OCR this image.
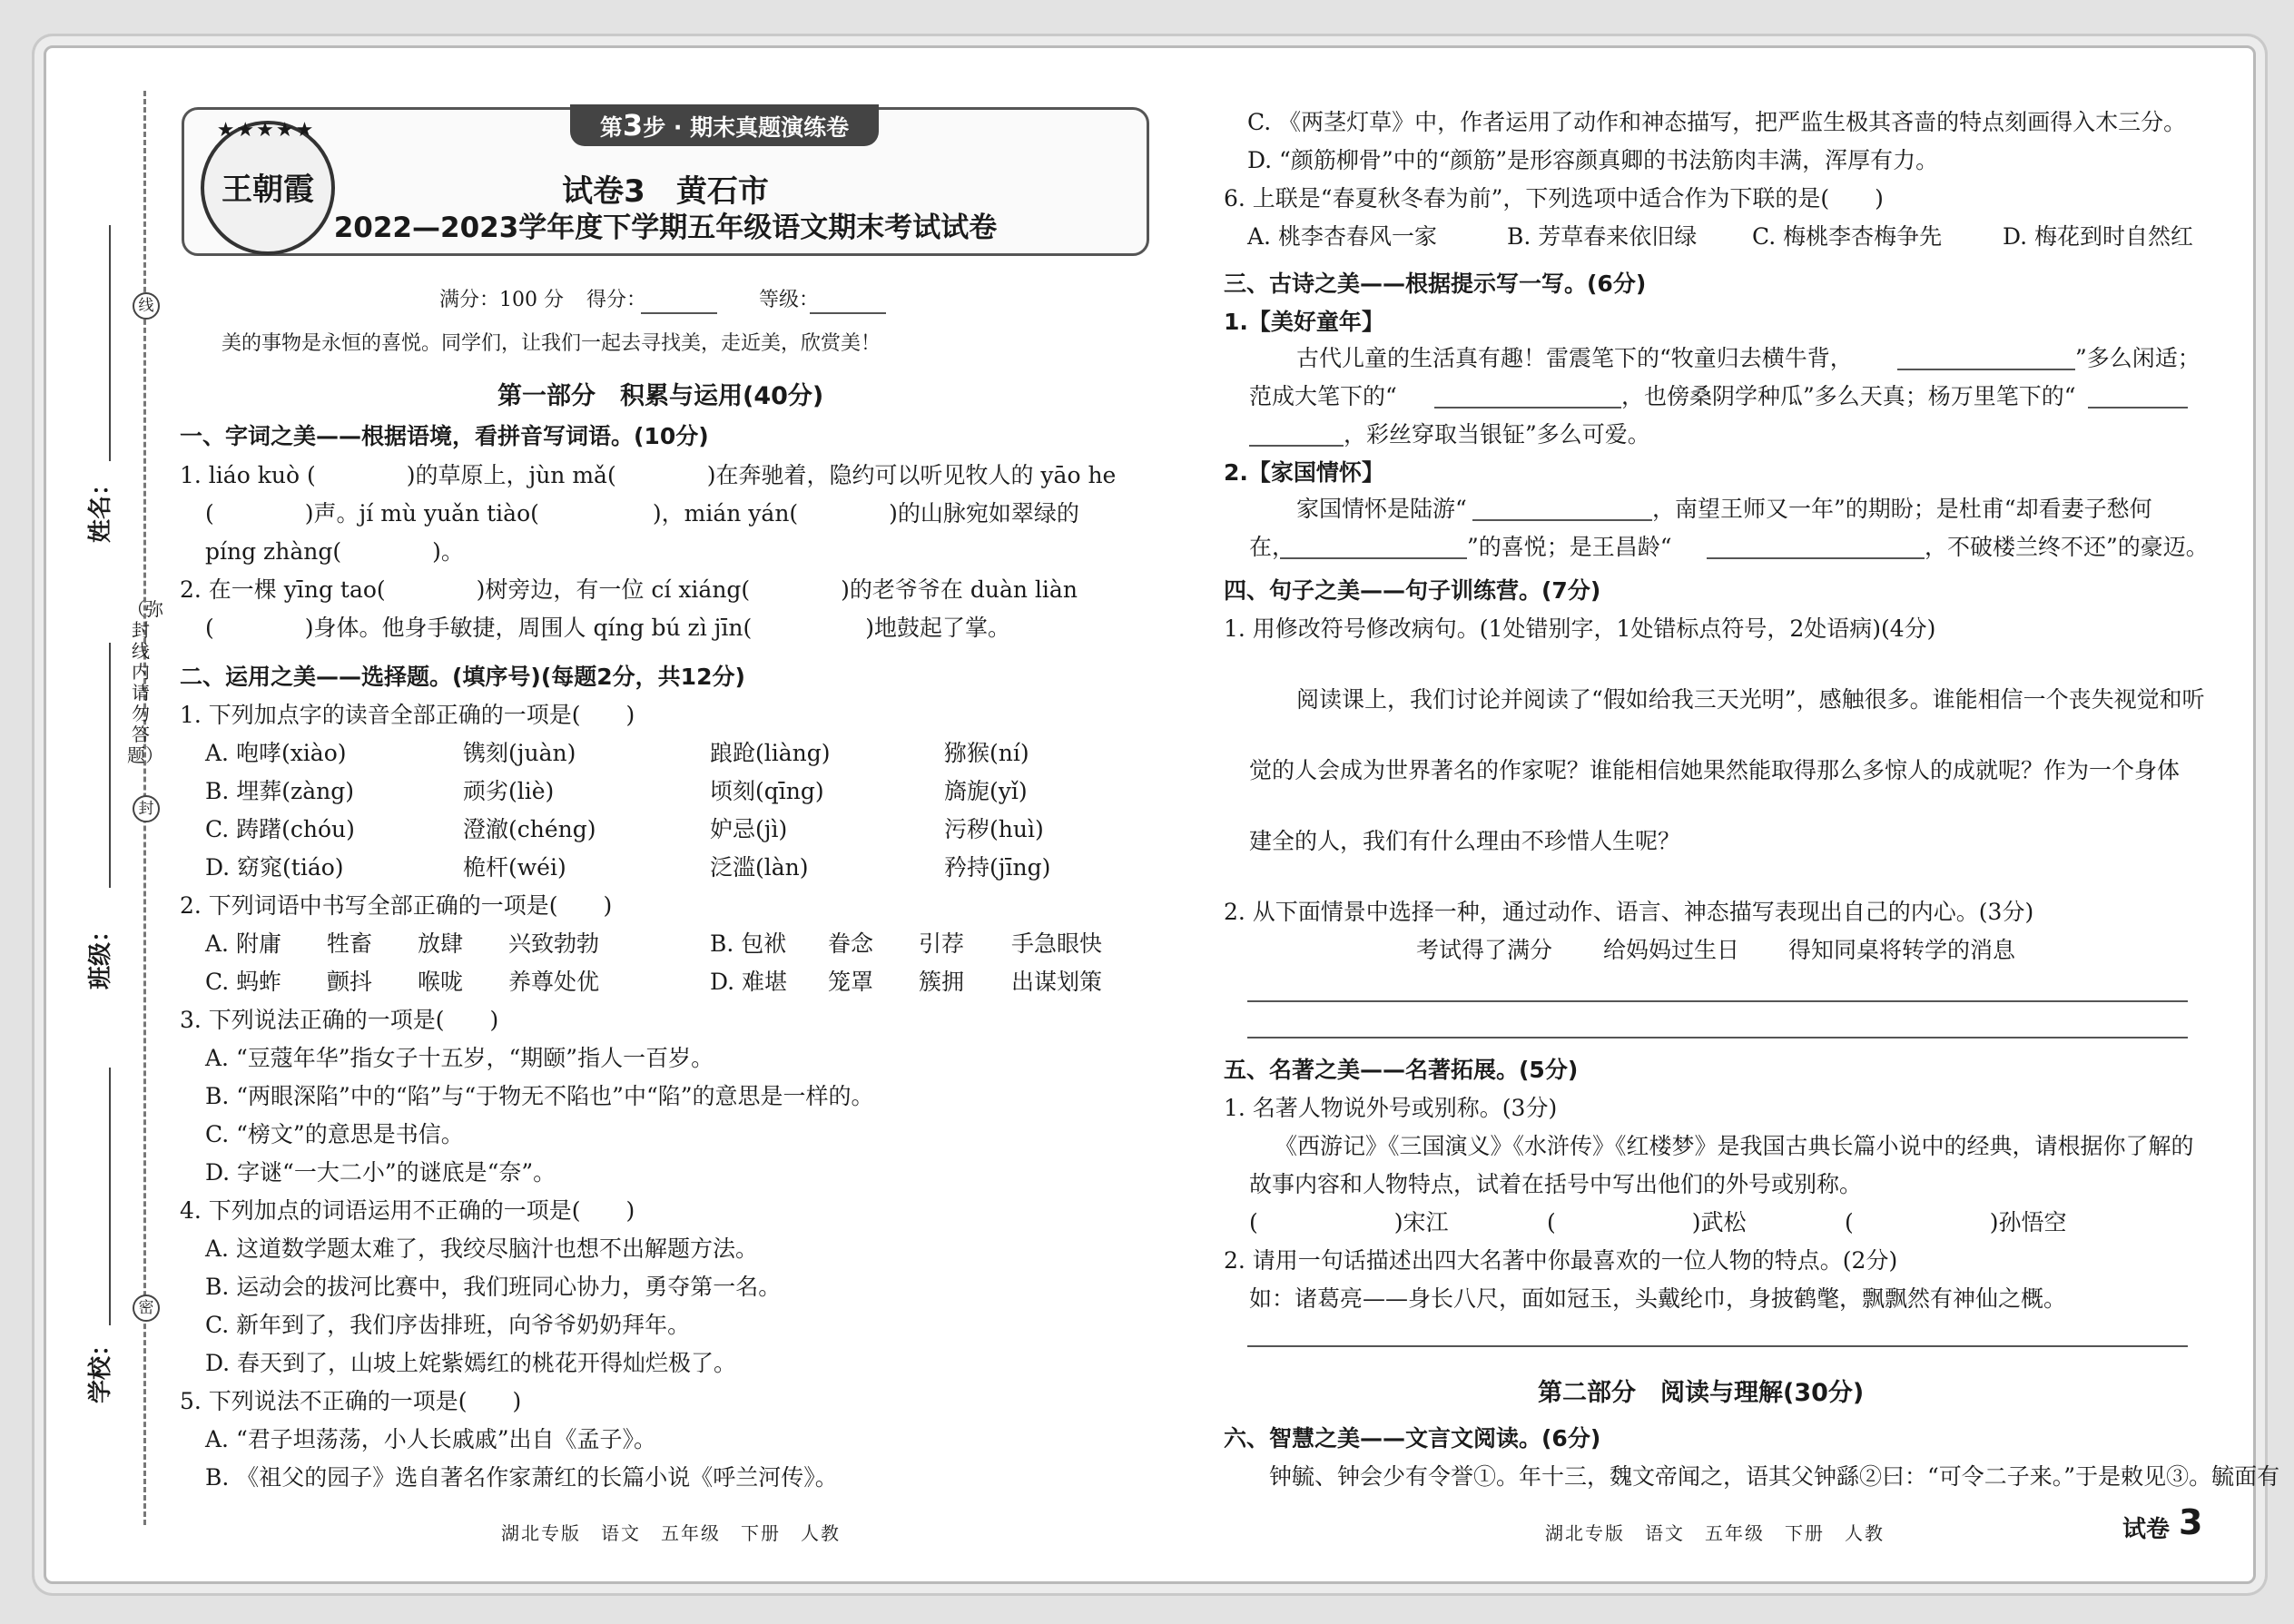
线
封
密
（弥封线内请勿答题）
姓名：
班级：
学校：
第3步 · 期末真题演练卷
★★★★★
王朝霞	试卷3　黄石市
2022—2023学年度下学期五年级语文期末考试试卷
满分：100 分 得分：	等级：
美的事物是永恒的喜悦。同学们，让我们一起去寻找美，走近美，欣赏美！
第一部分　积累与运用(40分)
一、字词之美——根据语境，看拼音写词语。(10分)
1. liáo kuò (　　　　)的草原上，jùn mǎ(　　　　)在奔驰着，隐约可以听见牧人的 yāo he
(　　　　)声。jí mù yuǎn tiào(　　　　　)，mián yán(　　　　)的山脉宛如翠绿的
píng zhàng(　　　　)。
2. 在一棵 yīng tao(　　　　)树旁边，有一位 cí xiáng(　　　　)的老爷爷在 duàn liàn
(　　　　)身体。他身手敏捷，周围人 qíng bú zì jīn(　　　　　)地鼓起了掌。
二、运用之美——选择题。(填序号)(每题2分，共12分)
1. 下列加点字的读音全部正确的一项是(　　)
A. 咆哮(xiào)	镌刻(juàn)	踉跄(liàng)	猕猴(ní)
B. 埋葬(zàng)	顽劣(liè)	顷刻(qīng)	旖旎(yǐ)
C. 踌躇(chóu)	澄澈(chéng)	妒忌(jì)	污秽(huì)
D. 窈窕(tiáo)	桅杆(wéi)	泛滥(làn)	矜持(jīng)
2. 下列词语中书写全部正确的一项是(　　)
A. 附庸 牲畜 放肆 兴致勃勃	B. 包袱 眷念 引荐 手急眼快
C. 蚂蚱 颤抖 喉咙 养尊处优	D. 难堪 笼罩 簇拥 出谋划策
3. 下列说法正确的一项是(　　)
A. “豆蔻年华”指女子十五岁，“期颐”指人一百岁。
B. “两眼深陷”中的“陷”与“于物无不陷也”中“陷”的意思是一样的。
C. “榜文”的意思是书信。
D. 字谜“一大二小”的谜底是“奈”。
4. 下列加点的词语运用不正确的一项是(　　)
A. 这道数学题太难了，我绞尽脑汁也想不出解题方法。
B. 运动会的拔河比赛中，我们班同心协力，勇夺第一名。
C. 新年到了，我们序齿排班，向爷爷奶奶拜年。
D. 春天到了，山坡上姹紫嫣红的桃花开得灿烂极了。
5. 下列说法不正确的一项是(　　)
A. “君子坦荡荡，小人长戚戚”出自《孟子》。
B. 《祖父的园子》选自著名作家萧红的长篇小说《呼兰河传》。
湖北专版　语文　五年级　下册　人教
C. 《两茎灯草》中，作者运用了动作和神态描写，把严监生极其吝啬的特点刻画得入木三分。
D. “颜筋柳骨”中的“颜筋”是形容颜真卿的书法筋肉丰满，浑厚有力。
6. 上联是“春夏秋冬春为前”，下列选项中适合作为下联的是(　　)
A. 桃李杏春风一家	B. 芳草春来依旧绿 C. 梅桃李杏梅争先	D. 梅花到时自然红
三、古诗之美——根据提示写一写。(6分)
1.【美好童年】
古代儿童的生活真有趣！雷震笔下的“牧童归去横牛背，	”多么闲适；
范成大笔下的“	，也傍桑阴学种瓜”多么天真；杨万里笔下的“
，彩丝穿取当银钲”多么可爱。
2.【家国情怀】
家国情怀是陆游“	，南望王师又一年”的期盼；是杜甫“却看妻子愁何
在，	”的喜悦；是王昌龄“	，不破楼兰终不还”的豪迈。
四、句子之美——句子训练营。(7分)
1. 用修改符号修改病句。(1处错别字，1处错标点符号，2处语病)(4分)
阅读课上，我们讨论并阅读了“假如给我三天光明”，感触很多。谁能相信一个丧失视觉和听
觉的人会成为世界著名的作家呢？谁能相信她果然能取得那么多惊人的成就呢？作为一个身体
建全的人，我们有什么理由不珍惜人生呢？
2. 从下面情景中选择一种，通过动作、语言、神态描写表现出自己的内心。(3分)
考试得了满分 给妈妈过生日 得知同桌将转学的消息
五、名著之美——名著拓展。(5分)
1. 名著人物说外号或别称。(3分)
《西游记》《三国演义》《水浒传》《红楼梦》是我国古典长篇小说中的经典，请根据你了解的
故事内容和人物特点，试着在括号中写出他们的外号或别称。
(　　　　　　)宋江	(　　　　　　)武松	(　　　　　　)孙悟空
2. 请用一句话描述出四大名著中你最喜欢的一位人物的特点。(2分)
如：诸葛亮——身长八尺，面如冠玉，头戴纶巾，身披鹤氅，飘飘然有神仙之概。
第二部分　阅读与理解(30分)
六、智慧之美——文言文阅读。(6分)
钟毓、钟会少有令誉①。年十三，魏文帝闻之，语其父钟繇②曰：“可令二子来。”于是敕见③。毓面有
湖北专版　语文　五年级　下册　人教	试卷 3
